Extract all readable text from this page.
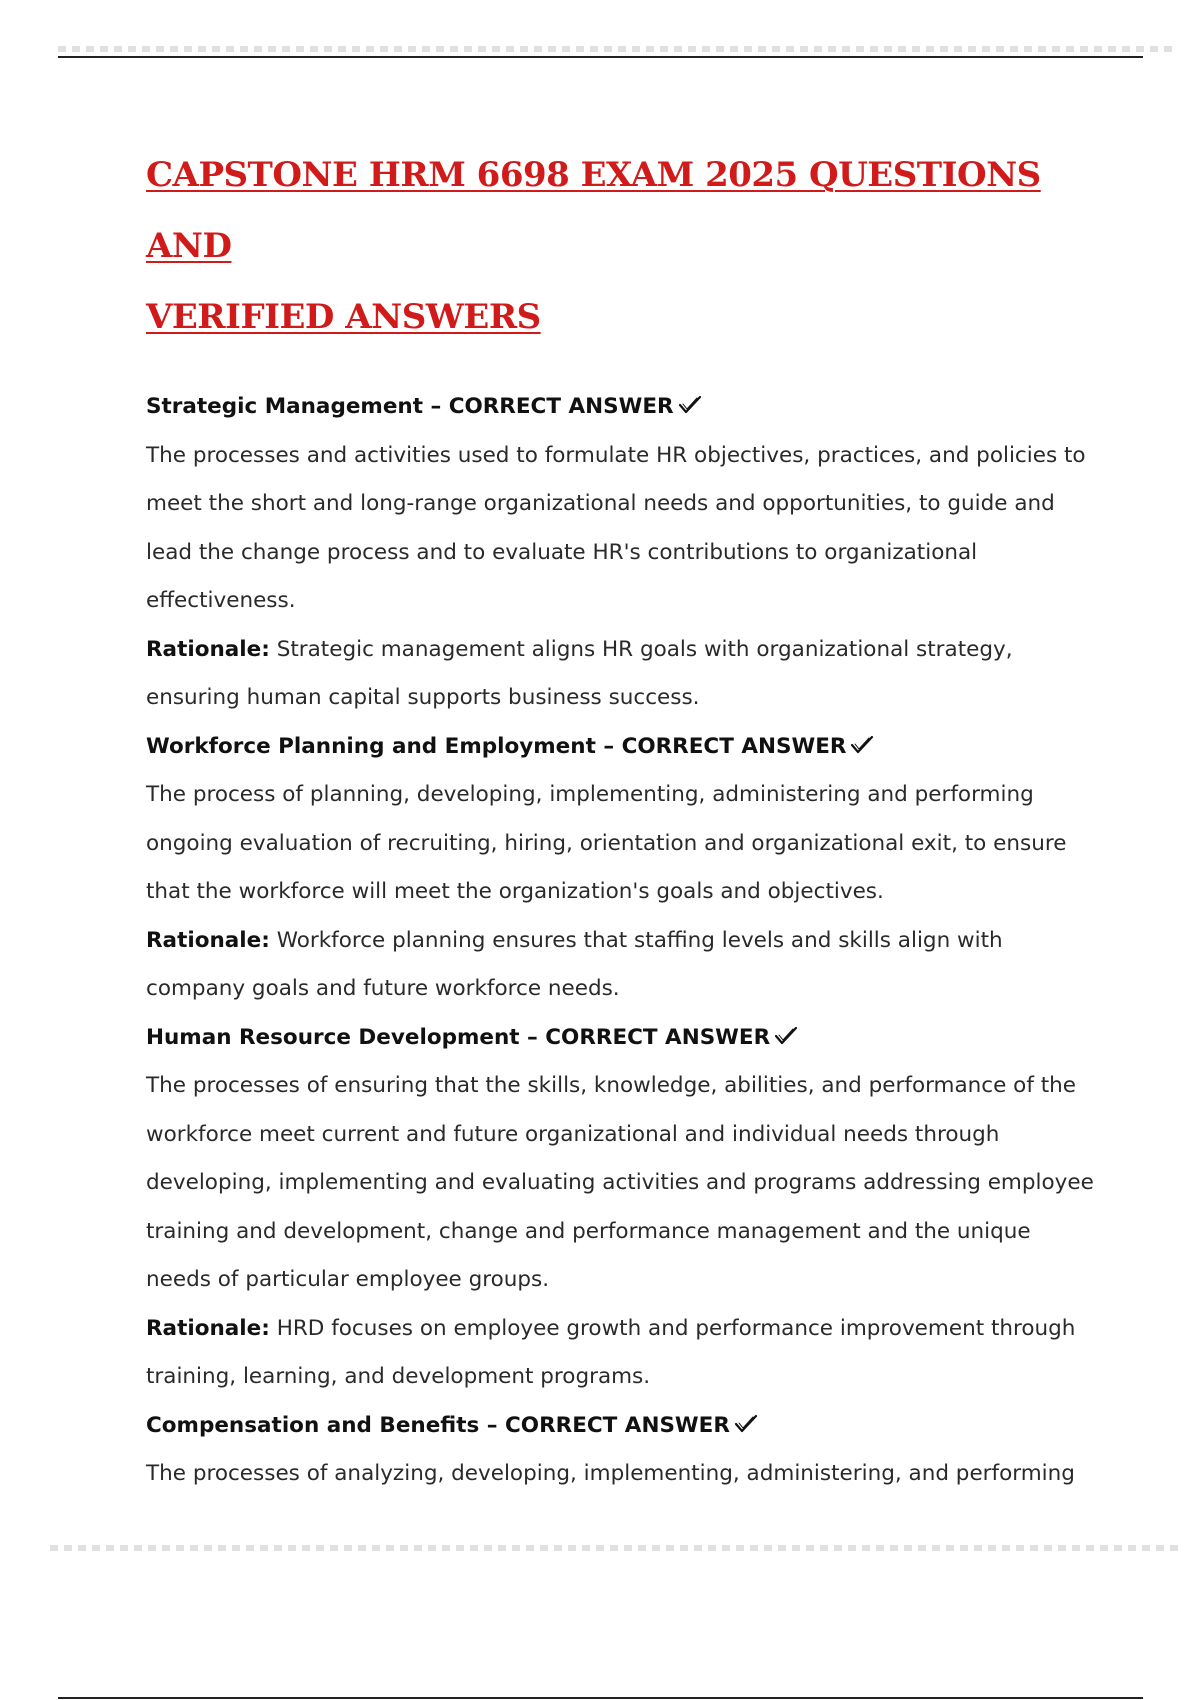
CAPSTONE HRM 6698 EXAM 2025 QUESTIONS AND
VERIFIED ANSWERS

Strategic Management – CORRECT ANSWER

The processes and activities used to formulate HR objectives, practices, and policies to meet the short and long-range organizational needs and opportunities, to guide and lead the change process and to evaluate HR's contributions to organizational effectiveness.

Rationale: Strategic management aligns HR goals with organizational strategy, ensuring human capital supports business success.

Workforce Planning and Employment – CORRECT ANSWER

The process of planning, developing, implementing, administering and performing ongoing evaluation of recruiting, hiring, orientation and organizational exit, to ensure that the workforce will meet the organization's goals and objectives.

Rationale: Workforce planning ensures that staffing levels and skills align with company goals and future workforce needs.

Human Resource Development – CORRECT ANSWER

The processes of ensuring that the skills, knowledge, abilities, and performance of the workforce meet current and future organizational and individual needs through developing, implementing and evaluating activities and programs addressing employee training and development, change and performance management and the unique needs of particular employee groups.

Rationale: HRD focuses on employee growth and performance improvement through training, learning, and development programs.

Compensation and Benefits – CORRECT ANSWER

The processes of analyzing, developing, implementing, administering, and performing
